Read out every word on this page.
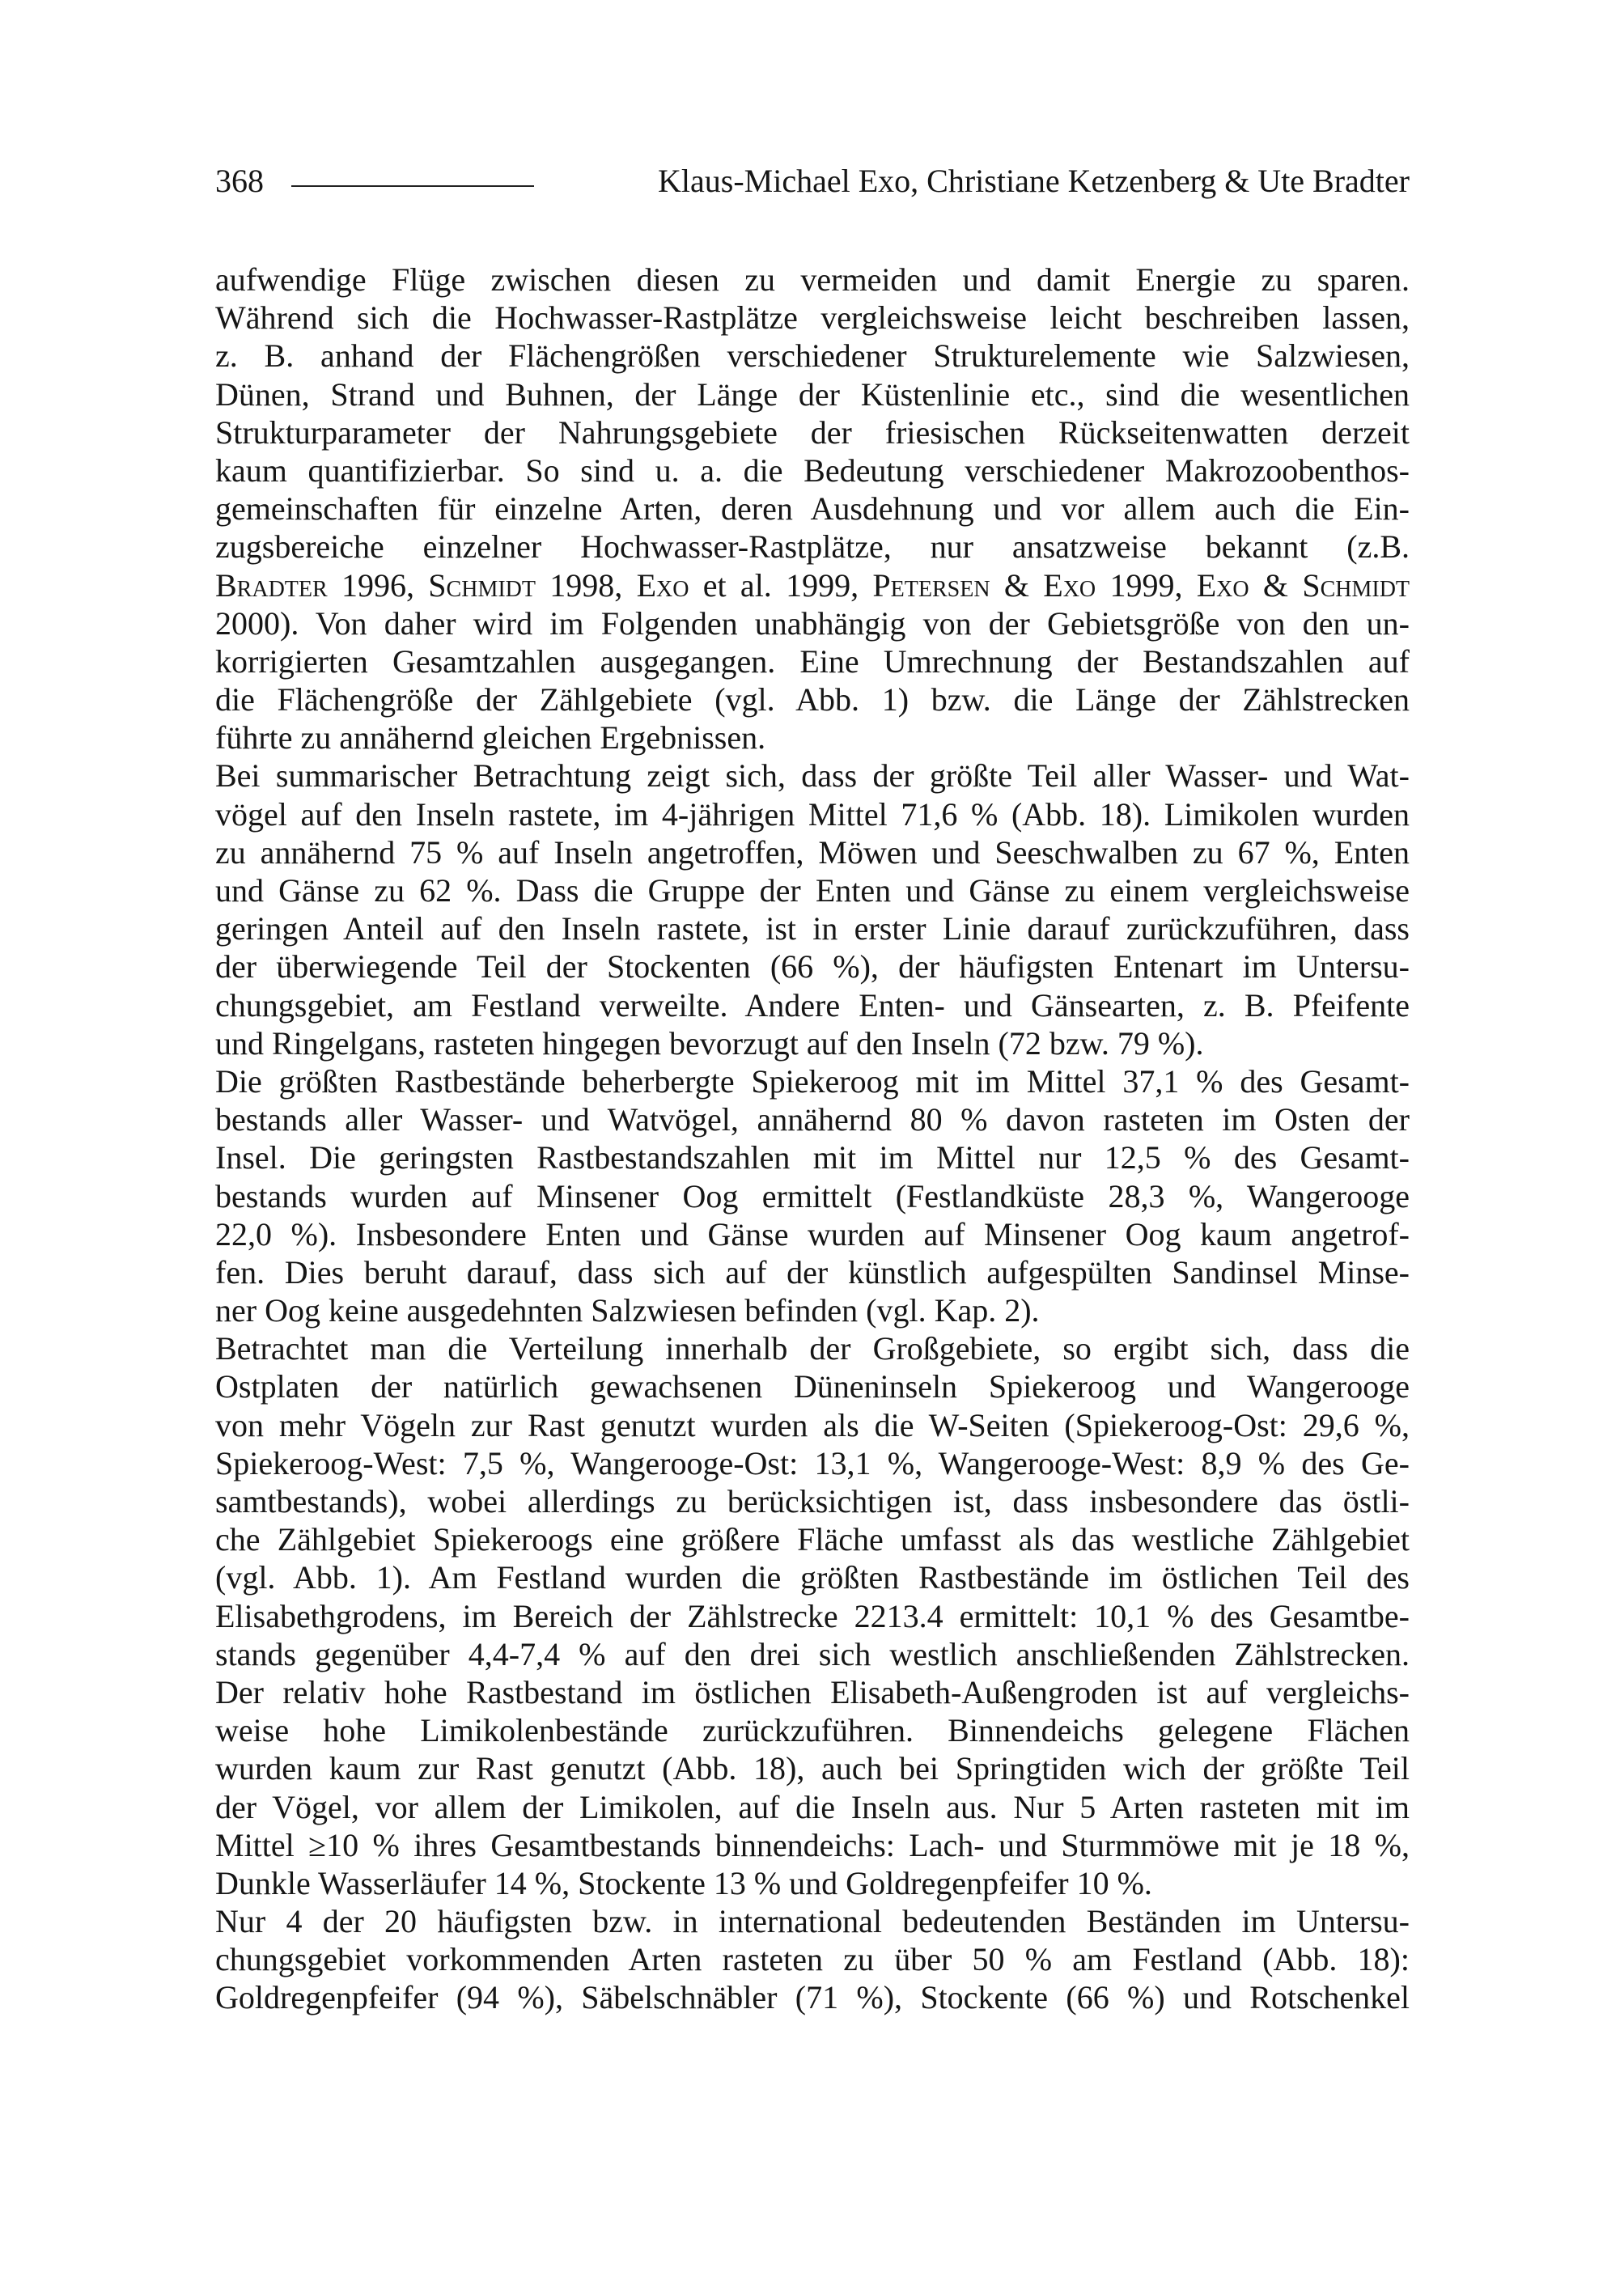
368	Klaus-Michael Exo, Christiane Ketzenberg & Ute Bradter
aufwendige Flüge zwischen diesen zu vermeiden und damit Energie zu sparen.
Während sich die Hochwasser-Rastplätze vergleichsweise leicht beschreiben lassen,
z. B. anhand der Flächengrößen verschiedener Strukturelemente wie Salzwiesen,
Dünen, Strand und Buhnen, der Länge der Küstenlinie etc., sind die wesentlichen
Strukturparameter der Nahrungsgebiete der friesischen Rückseitenwatten derzeit
kaum quantifizierbar. So sind u. a. die Bedeutung verschiedener Makrozoobenthos-
gemeinschaften für einzelne Arten, deren Ausdehnung und vor allem auch die Ein-
zugsbereiche einzelner Hochwasser-Rastplätze, nur ansatzweise bekannt (z.B.
Bradter 1996, Schmidt 1998, Exo et al. 1999, Petersen & Exo 1999, Exo & Schmidt
2000). Von daher wird im Folgenden unabhängig von der Gebietsgröße von den un-
korrigierten Gesamtzahlen ausgegangen. Eine Umrechnung der Bestandszahlen auf
die Flächengröße der Zählgebiete (vgl. Abb. 1) bzw. die Länge der Zählstrecken
führte zu annähernd gleichen Ergebnissen.
Bei summarischer Betrachtung zeigt sich, dass der größte Teil aller Wasser- und Wat-
vögel auf den Inseln rastete, im 4-jährigen Mittel 71,6 % (Abb. 18). Limikolen wurden
zu annähernd 75 % auf Inseln angetroffen, Möwen und Seeschwalben zu 67 %, Enten
und Gänse zu 62 %. Dass die Gruppe der Enten und Gänse zu einem vergleichsweise
geringen Anteil auf den Inseln rastete, ist in erster Linie darauf zurückzuführen, dass
der überwiegende Teil der Stockenten (66 %), der häufigsten Entenart im Untersu-
chungsgebiet, am Festland verweilte. Andere Enten- und Gänsearten, z. B. Pfeifente
und Ringelgans, rasteten hingegen bevorzugt auf den Inseln (72 bzw. 79 %).
Die größten Rastbestände beherbergte Spiekeroog mit im Mittel 37,1 % des Gesamt-
bestands aller Wasser- und Watvögel, annähernd 80 % davon rasteten im Osten der
Insel. Die geringsten Rastbestandszahlen mit im Mittel nur 12,5 % des Gesamt-
bestands wurden auf Minsener Oog ermittelt (Festlandküste 28,3 %, Wangerooge
22,0 %). Insbesondere Enten und Gänse wurden auf Minsener Oog kaum angetrof-
fen. Dies beruht darauf, dass sich auf der künstlich aufgespülten Sandinsel Minse-
ner Oog keine ausgedehnten Salzwiesen befinden (vgl. Kap. 2).
Betrachtet man die Verteilung innerhalb der Großgebiete, so ergibt sich, dass die
Ostplaten der natürlich gewachsenen Düneninseln Spiekeroog und Wangerooge
von mehr Vögeln zur Rast genutzt wurden als die W-Seiten (Spiekeroog-Ost: 29,6 %,
Spiekeroog-West: 7,5 %, Wangerooge-Ost: 13,1 %, Wangerooge-West: 8,9 % des Ge-
samtbestands), wobei allerdings zu berücksichtigen ist, dass insbesondere das östli-
che Zählgebiet Spiekeroogs eine größere Fläche umfasst als das westliche Zählgebiet
(vgl. Abb. 1). Am Festland wurden die größten Rastbestände im östlichen Teil des
Elisabethgrodens, im Bereich der Zählstrecke 2213.4 ermittelt: 10,1 % des Gesamtbe-
stands gegenüber 4,4-7,4 % auf den drei sich westlich anschließenden Zählstrecken.
Der relativ hohe Rastbestand im östlichen Elisabeth-Außengroden ist auf vergleichs-
weise hohe Limikolenbestände zurückzuführen. Binnendeichs gelegene Flächen
wurden kaum zur Rast genutzt (Abb. 18), auch bei Springtiden wich der größte Teil
der Vögel, vor allem der Limikolen, auf die Inseln aus. Nur 5 Arten rasteten mit im
Mittel ≥10 % ihres Gesamtbestands binnendeichs: Lach- und Sturmmöwe mit je 18 %,
Dunkle Wasserläufer 14 %, Stockente 13 % und Goldregenpfeifer 10 %.
Nur 4 der 20 häufigsten bzw. in international bedeutenden Beständen im Untersu-
chungsgebiet vorkommenden Arten rasteten zu über 50 % am Festland (Abb. 18):
Goldregenpfeifer (94 %), Säbelschnäbler (71 %), Stockente (66 %) und Rotschenkel
